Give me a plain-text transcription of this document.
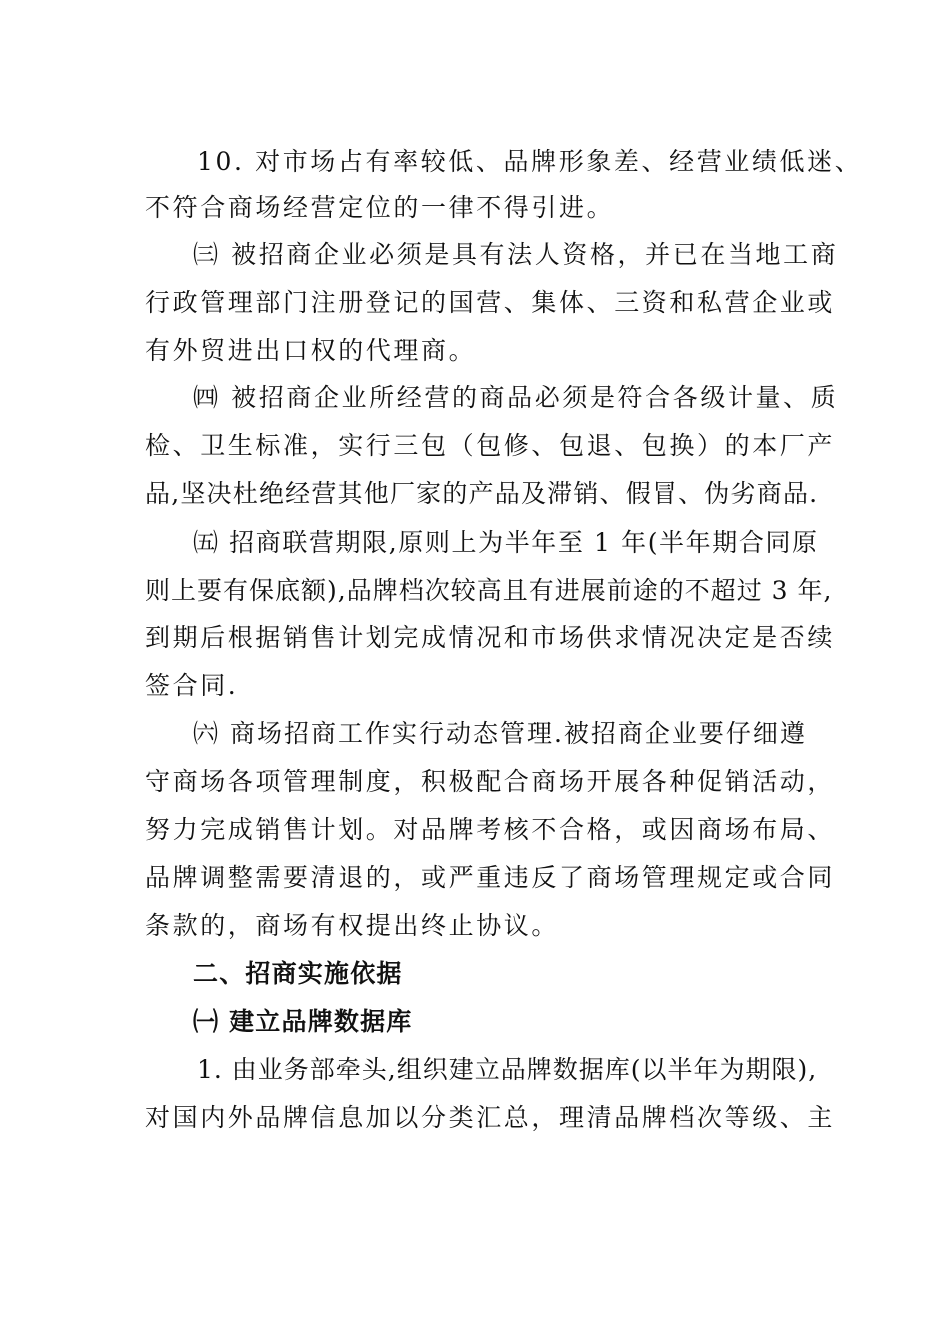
10. 对市场占有率较低、品牌形象差、经营业绩低迷、
不符合商场经营定位的一律不得引进。
㈢ 被招商企业必须是具有法人资格，并已在当地工商
行政管理部门注册登记的国营、集体、三资和私营企业或
有外贸进出口权的代理商。
㈣ 被招商企业所经营的商品必须是符合各级计量、质
检、卫生标准，实行三包（包修、包退、包换）的本厂产
品,坚决杜绝经营其他厂家的产品及滞销、假冒、伪劣商品.
㈤ 招商联营期限,原则上为半年至 1 年(半年期合同原
则上要有保底额),品牌档次较高且有进展前途的不超过 3 年,
到期后根据销售计划完成情况和市场供求情况决定是否续
签合同.
㈥ 商场招商工作实行动态管理.被招商企业要仔细遵
守商场各项管理制度，积极配合商场开展各种促销活动，
努力完成销售计划。对品牌考核不合格，或因商场布局、
品牌调整需要清退的，或严重违反了商场管理规定或合同
条款的，商场有权提出终止协议。
二、招商实施依据
㈠ 建立品牌数据库
1. 由业务部牵头,组织建立品牌数据库(以半年为期限),
对国内外品牌信息加以分类汇总，理清品牌档次等级、主
